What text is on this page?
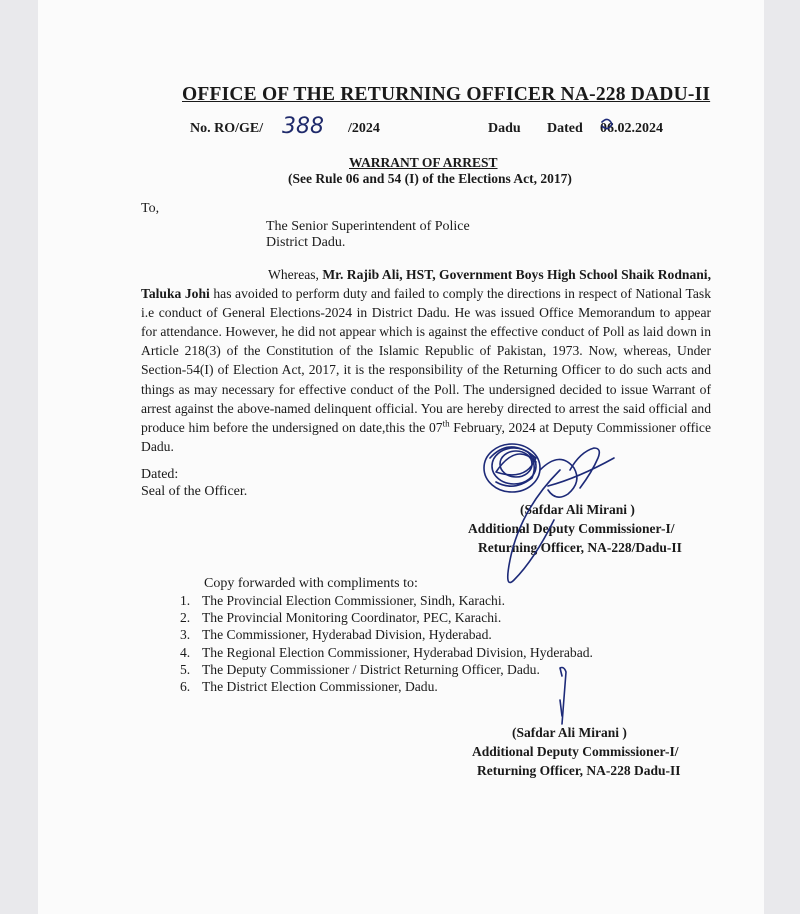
OFFICE OF THE RETURNING OFFICER NA-228 DADU-II
No. RO/GE/ 388 /2024	Dadu Dated 06.02.2024
WARRANT OF ARREST
(See Rule 06 and 54 (I) of the Elections Act, 2017)
To,
The Senior Superintendent of Police
District Dadu.
Whereas, Mr. Rajib Ali, HST, Government Boys High School Shaik Rodnani, Taluka Johi has avoided to perform duty and failed to comply the directions in respect of National Task i.e conduct of General Elections-2024 in District Dadu. He was issued Office Memorandum to appear for attendance. However, he did not appear which is against the effective conduct of Poll as laid down in Article 218(3) of the Constitution of the Islamic Republic of Pakistan, 1973. Now, whereas, Under Section-54(I) of Election Act, 2017, it is the responsibility of the Returning Officer to do such acts and things as may necessary for effective conduct of the Poll. The undersigned decided to issue Warrant of arrest against the above-named delinquent official. You are hereby directed to arrest the said official and produce him before the undersigned on date,this the 07th February, 2024 at Deputy Commissioner office Dadu.
Dated:
Seal of the Officer.
(Safdar Ali Mirani )
Additional Deputy Commissioner-I/
Returning Officer, NA-228/Dadu-II
Copy forwarded with compliments to:
1. The Provincial Election Commissioner, Sindh, Karachi.
2. The Provincial Monitoring Coordinator, PEC, Karachi.
3. The Commissioner, Hyderabad Division, Hyderabad.
4. The Regional Election Commissioner, Hyderabad Division, Hyderabad.
5. The Deputy Commissioner / District Returning Officer, Dadu.
6. The District Election Commissioner, Dadu.
(Safdar Ali Mirani )
Additional Deputy Commissioner-I/
Returning Officer, NA-228 Dadu-II
